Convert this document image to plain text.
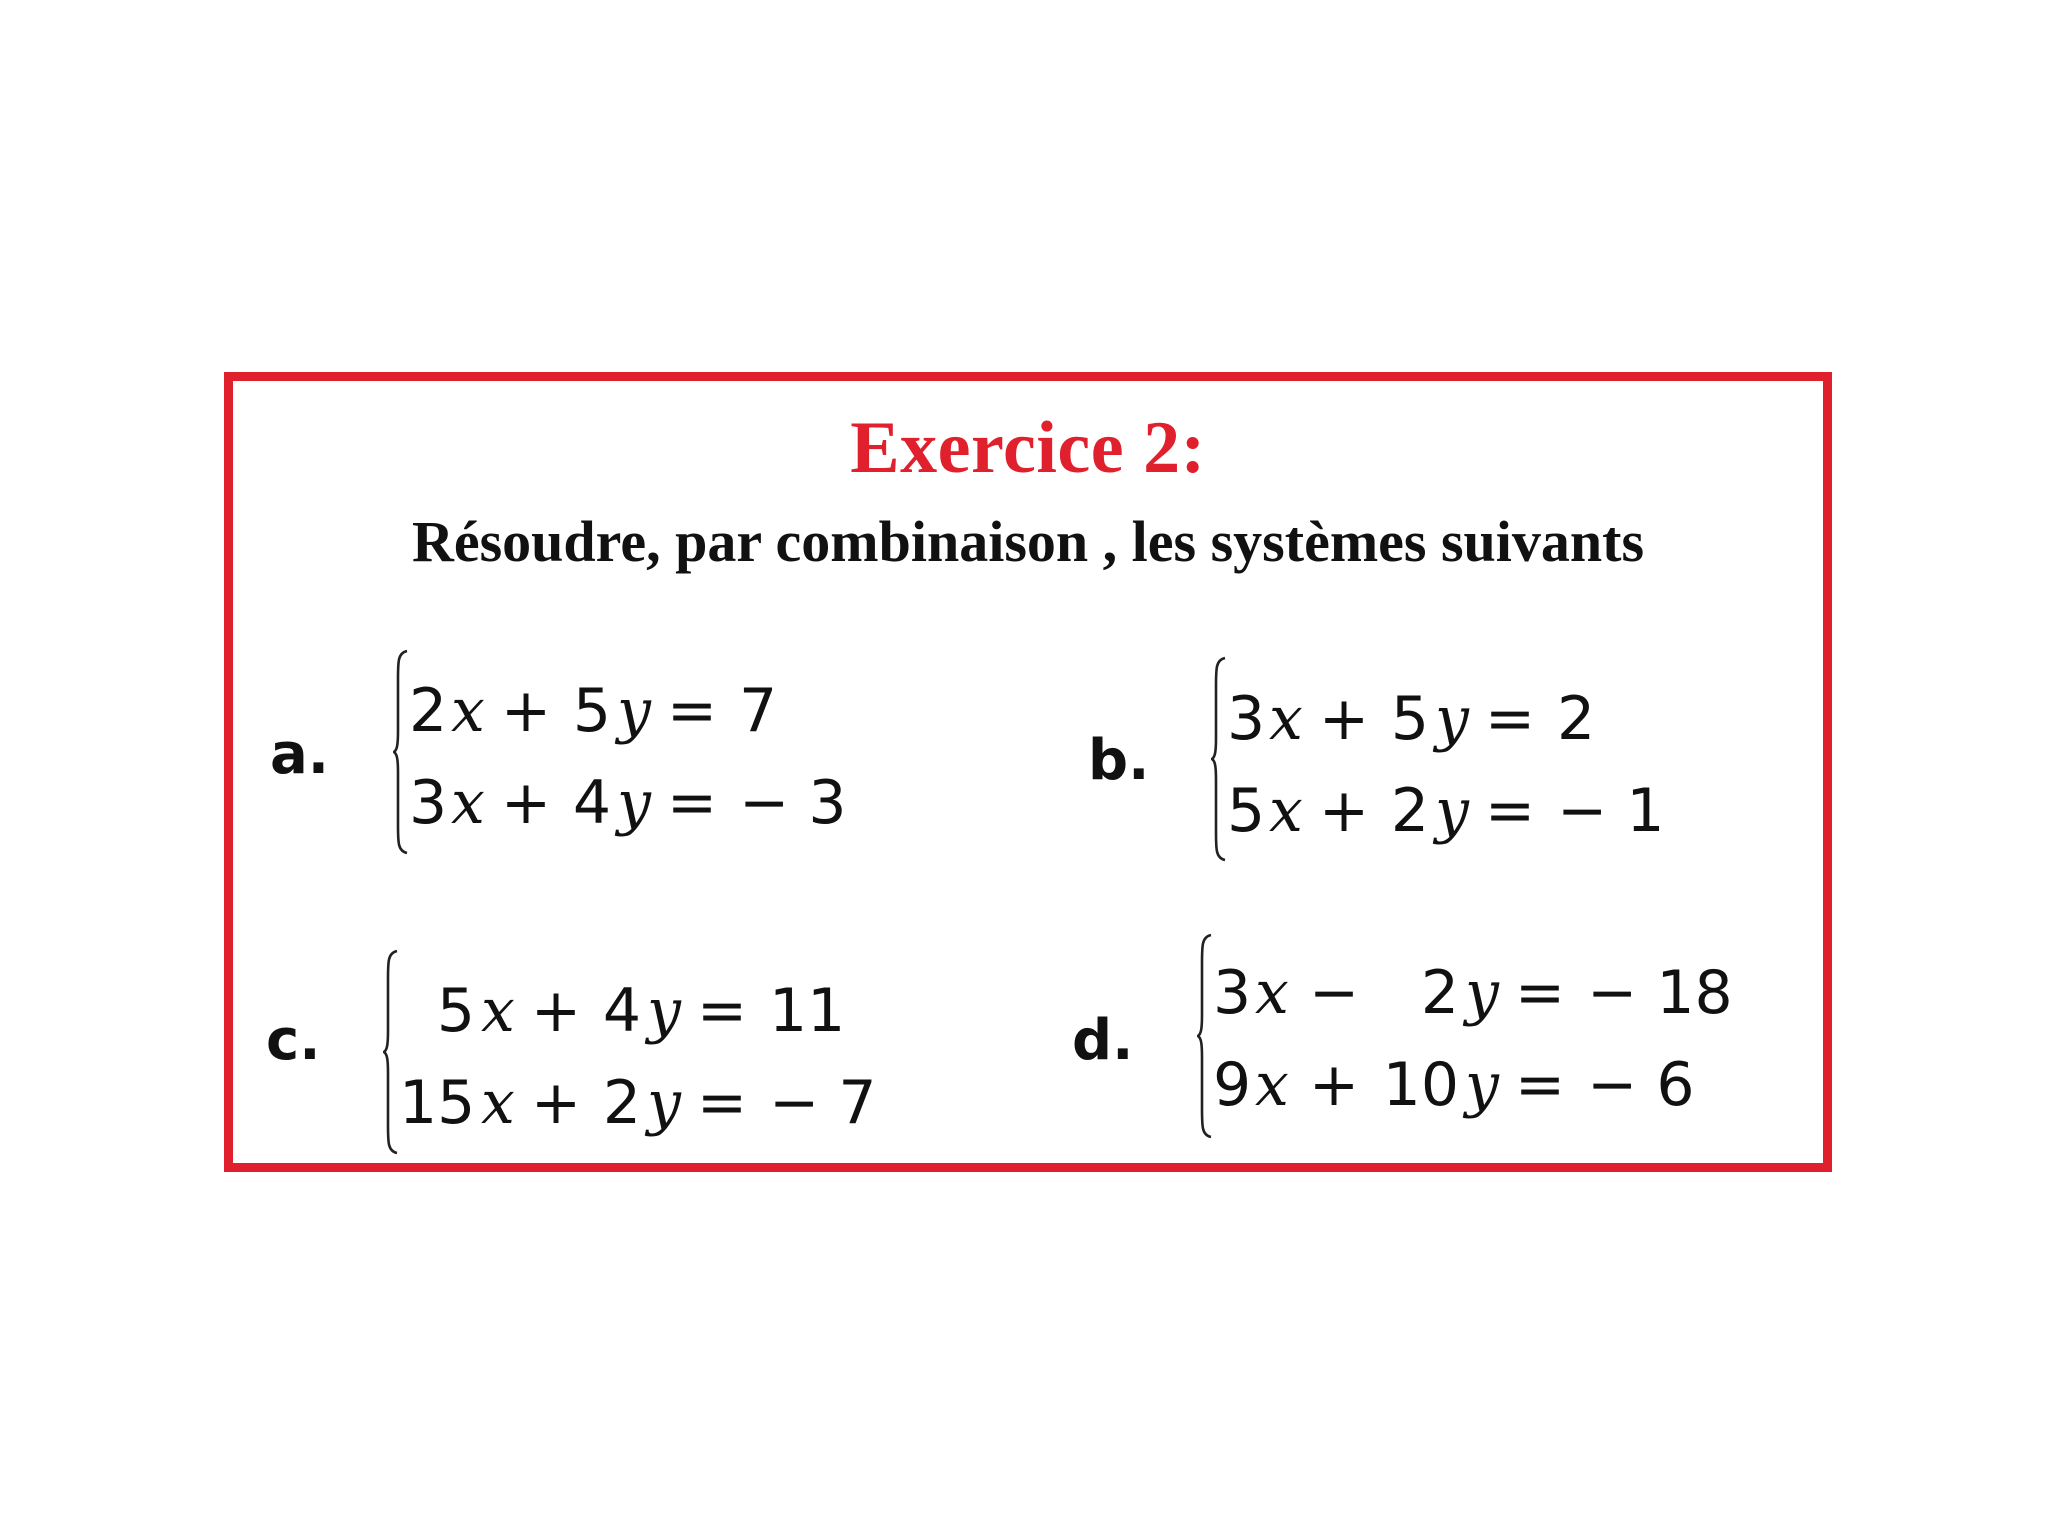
Exercice 2:
Résoudre, par combinaison , les systèmes suivants
a.
2 x + 5 y = 7
3 x + 4 y = − 3
b.
3 x + 5 y = 2
5 x + 2 y = − 1
c.	5 x + 4 y = 11
15 x + 2 y = − 7
d.
3 x −	2 y = − 18
9 x + 10 y = − 6
